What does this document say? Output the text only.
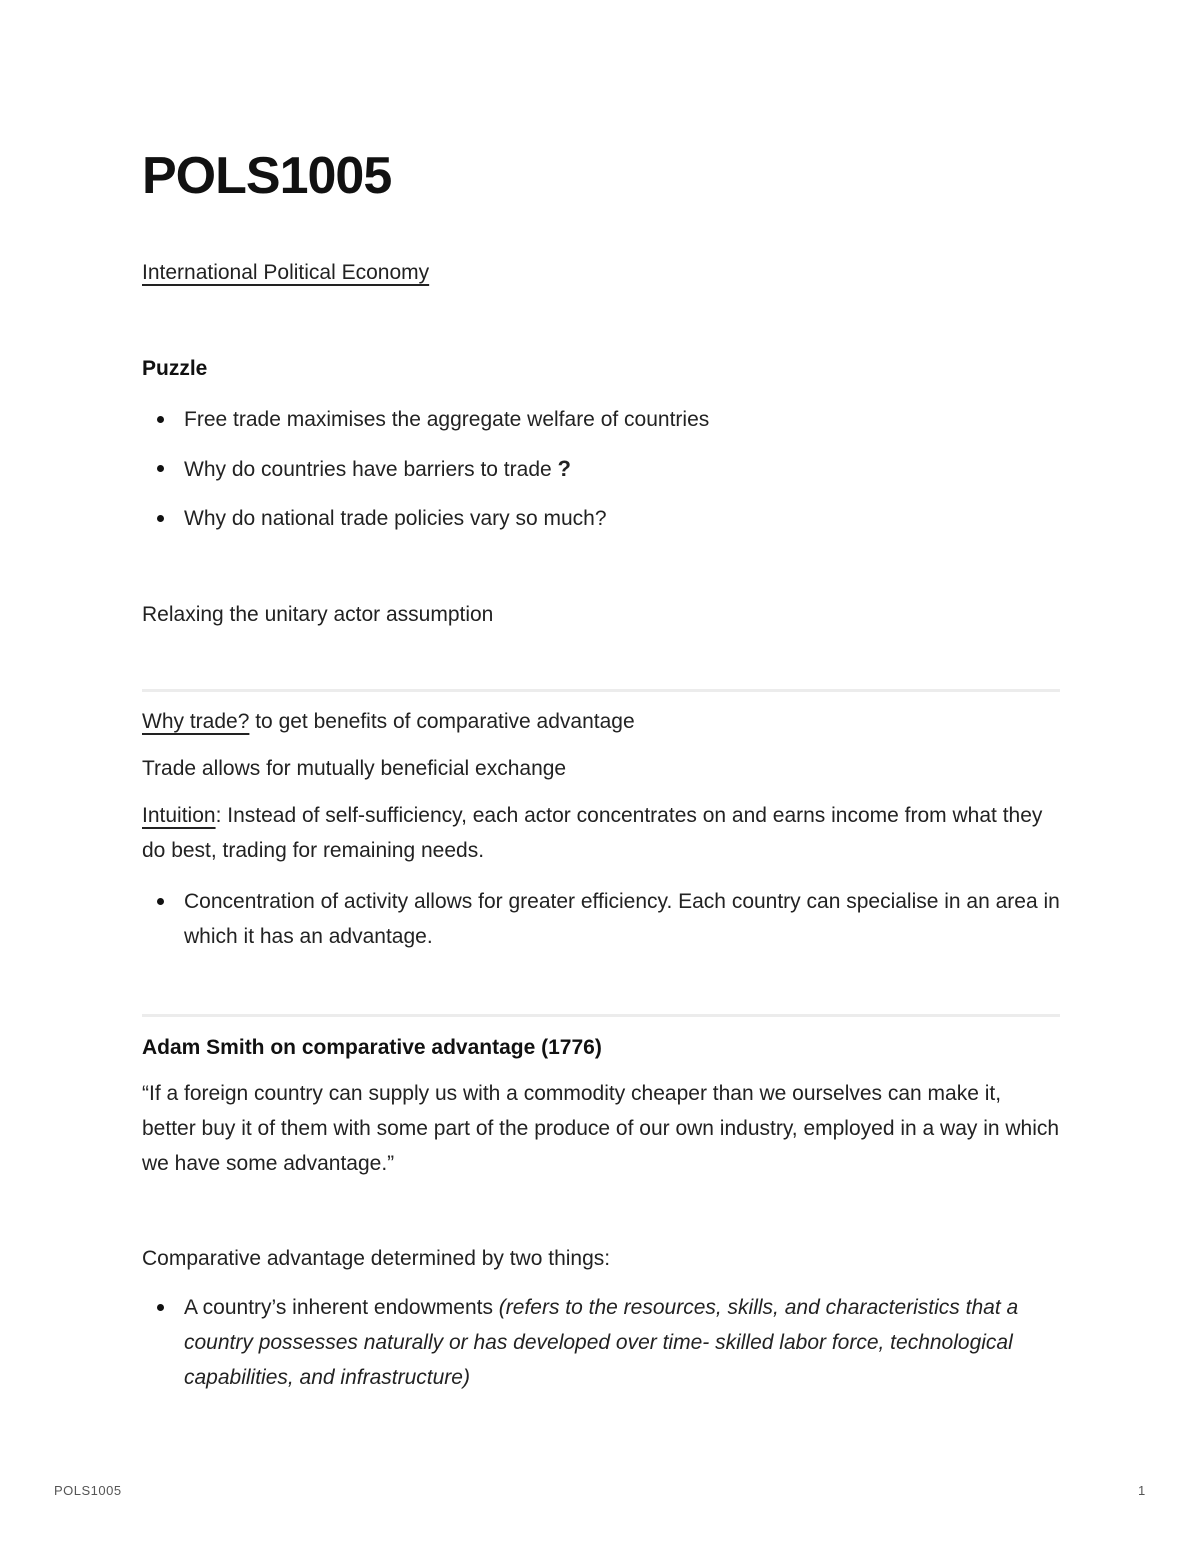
POLS1005
International Political Economy
Puzzle
Free trade maximises the aggregate welfare of countries
Why do countries have barriers to trade ?
Why do national trade policies vary so much?
Relaxing the unitary actor assumption

Why trade? to get benefits of comparative advantage

Trade allows for mutually beneficial exchange

Intuition: Instead of self-sufficiency, each actor concentrates on and earns income from what they do best, trading for remaining needs.

Concentration of activity allows for greater efficiency. Each country can specialise in an area in which it has an advantage.
Adam Smith on comparative advantage (1776)

“If a foreign country can supply us with a commodity cheaper than we ourselves can make it, better buy it of them with some part of the produce of our own industry, employed in a way in which we have some advantage.”

Comparative advantage determined by two things:

A country’s inherent endowments (refers to the resources, skills, and characteristics that a country possesses naturally or has developed over time- skilled labor force, technological capabilities, and infrastructure)
POLS1005	1
